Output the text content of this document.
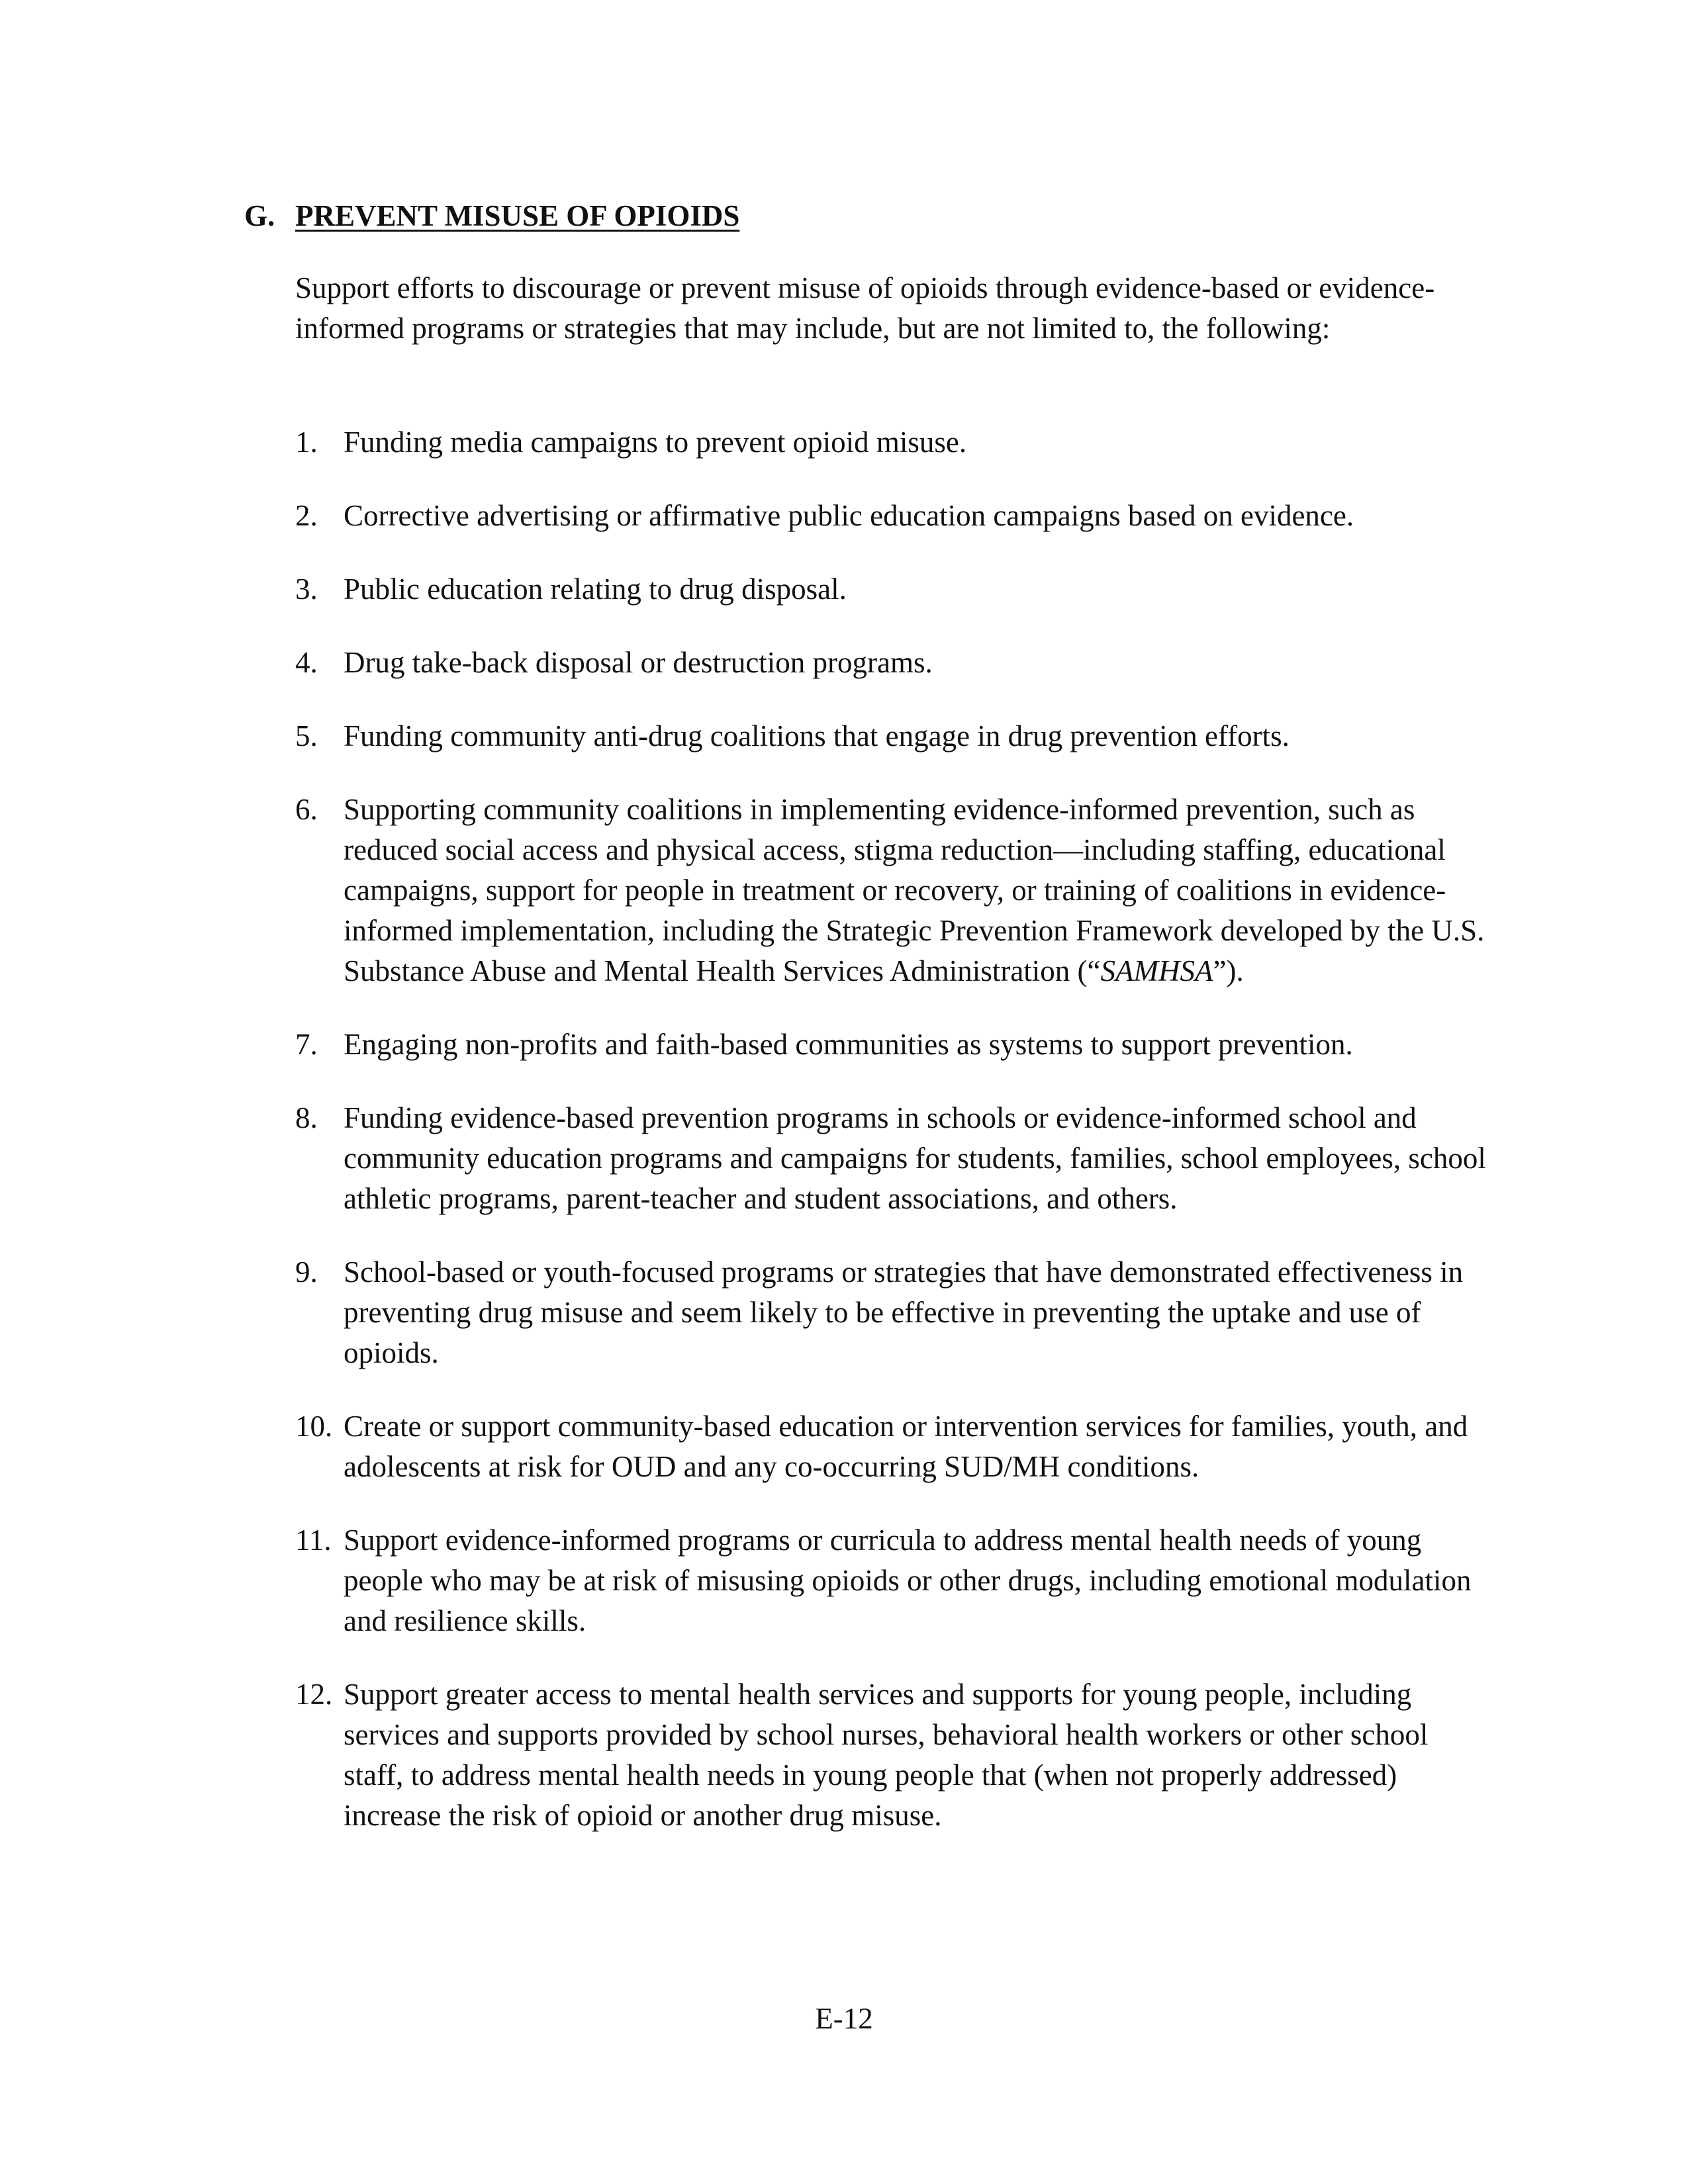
G. PREVENT MISUSE OF OPIOIDS

Support efforts to discourage or prevent misuse of opioids through evidence-based or evidence-informed programs or strategies that may include, but are not limited to, the following:

1. Funding media campaigns to prevent opioid misuse.
2. Corrective advertising or affirmative public education campaigns based on evidence.
3. Public education relating to drug disposal.
4. Drug take-back disposal or destruction programs.
5. Funding community anti-drug coalitions that engage in drug prevention efforts.
6. Supporting community coalitions in implementing evidence-informed prevention, such as reduced social access and physical access, stigma reduction—including staffing, educational campaigns, support for people in treatment or recovery, or training of coalitions in evidence-informed implementation, including the Strategic Prevention Framework developed by the U.S. Substance Abuse and Mental Health Services Administration (“SAMHSA”).
7. Engaging non-profits and faith-based communities as systems to support prevention.
8. Funding evidence-based prevention programs in schools or evidence-informed school and community education programs and campaigns for students, families, school employees, school athletic programs, parent-teacher and student associations, and others.
9. School-based or youth-focused programs or strategies that have demonstrated effectiveness in preventing drug misuse and seem likely to be effective in preventing the uptake and use of opioids.
10. Create or support community-based education or intervention services for families, youth, and adolescents at risk for OUD and any co-occurring SUD/MH conditions.
11. Support evidence-informed programs or curricula to address mental health needs of young people who may be at risk of misusing opioids or other drugs, including emotional modulation and resilience skills.
12. Support greater access to mental health services and supports for young people, including services and supports provided by school nurses, behavioral health workers or other school staff, to address mental health needs in young people that (when not properly addressed) increase the risk of opioid or another drug misuse.

E-12
